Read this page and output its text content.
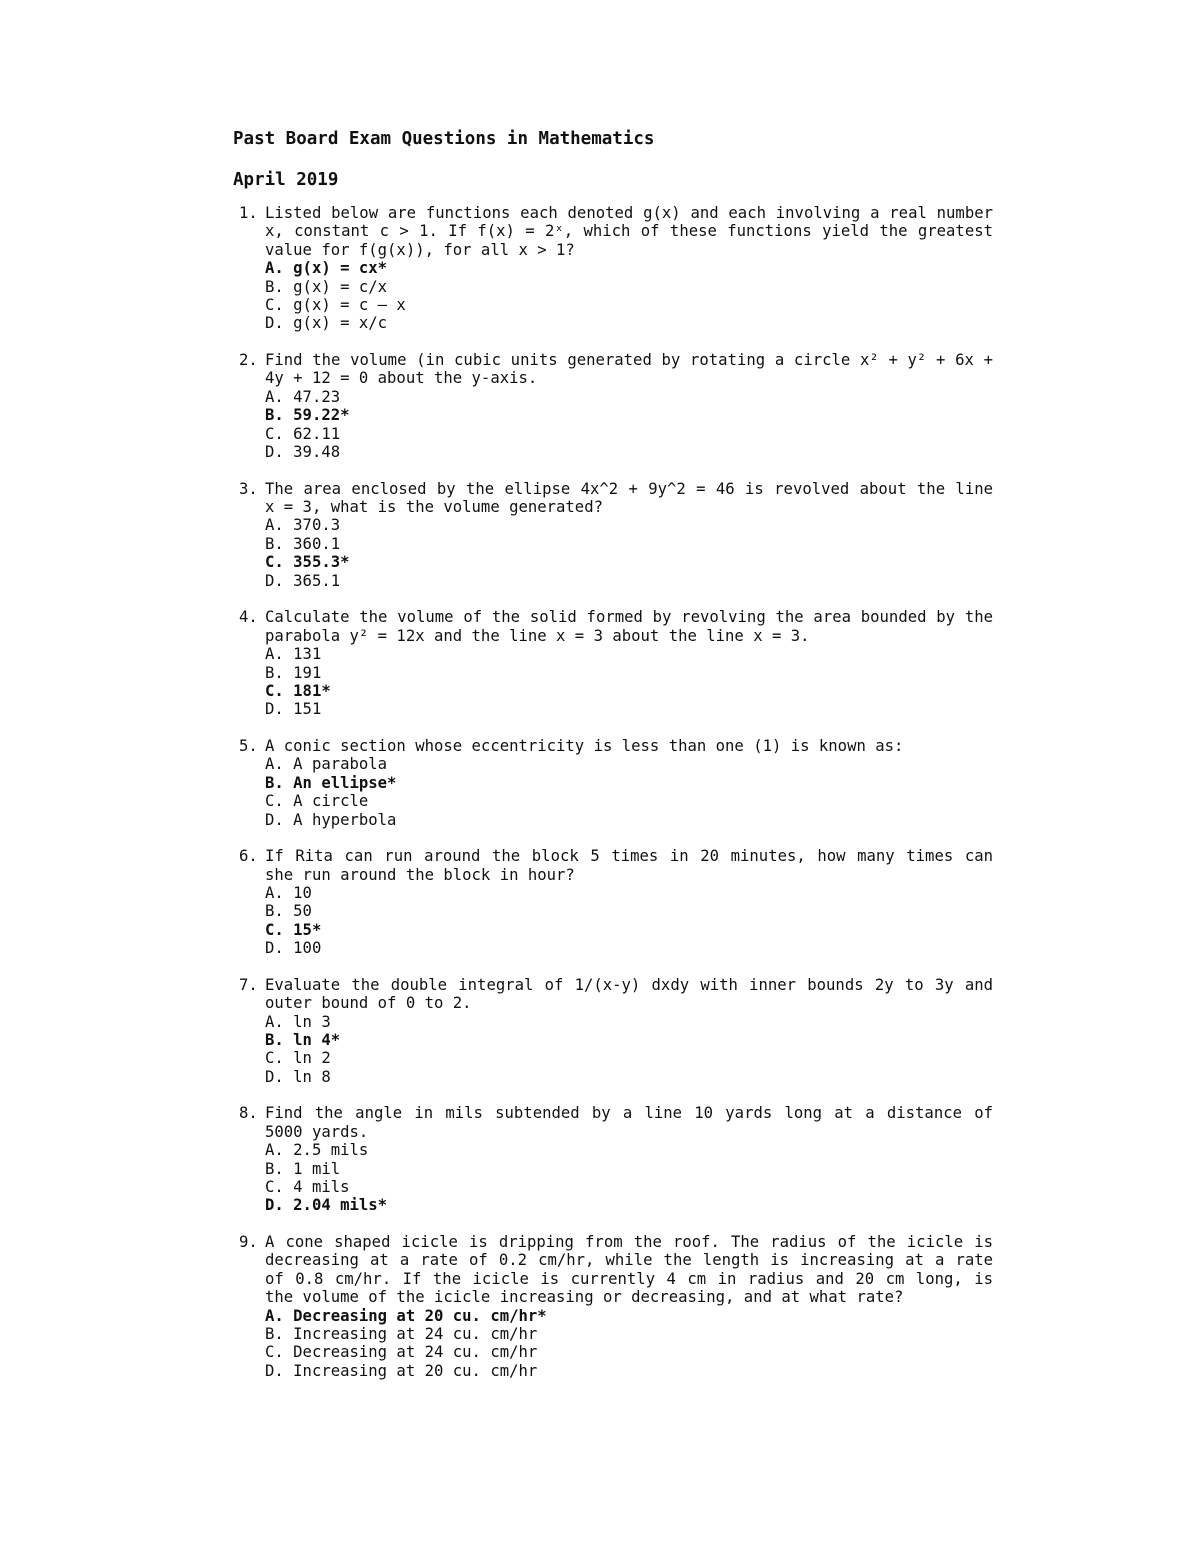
Past Board Exam Questions in Mathematics
April 2019
1. Listed below are functions each denoted g(x) and each involving a real number x, constant c > 1. If f(x) = 2ˣ, which of these functions yield the greatest value for f(g(x)), for all x > 1?
A. g(x) = cx*
B. g(x) = c/x
C. g(x) = c – x
D. g(x) = x/c
2. Find the volume (in cubic units generated by rotating a circle x² + y² + 6x + 4y + 12 = 0 about the y-axis.
A. 47.23
B. 59.22*
C. 62.11
D. 39.48
3. The area enclosed by the ellipse 4x^2 + 9y^2 = 46 is revolved about the line x = 3, what is the volume generated?
A. 370.3
B. 360.1
C. 355.3*
D. 365.1
4. Calculate the volume of the solid formed by revolving the area bounded by the parabola y² = 12x and the line x = 3 about the line x = 3.
A. 131
B. 191
C. 181*
D. 151
5. A conic section whose eccentricity is less than one (1) is known as:
A. A parabola
B. An ellipse*
C. A circle
D. A hyperbola
6. If Rita can run around the block 5 times in 20 minutes, how many times can she run around the block in hour?
A. 10
B. 50
C. 15*
D. 100
7. Evaluate the double integral of 1/(x-y) dxdy with inner bounds 2y to 3y and outer bound of 0 to 2.
A. ln 3
B. ln 4*
C. ln 2
D. ln 8
8. Find the angle in mils subtended by a line 10 yards long at a distance of 5000 yards.
A. 2.5 mils
B. 1 mil
C. 4 mils
D. 2.04 mils*
9. A cone shaped icicle is dripping from the roof. The radius of the icicle is decreasing at a rate of 0.2 cm/hr, while the length is increasing at a rate of 0.8 cm/hr. If the icicle is currently 4 cm in radius and 20 cm long, is the volume of the icicle increasing or decreasing, and at what rate?
A. Decreasing at 20 cu. cm/hr*
B. Increasing at 24 cu. cm/hr
C. Decreasing at 24 cu. cm/hr
D. Increasing at 20 cu. cm/hr
